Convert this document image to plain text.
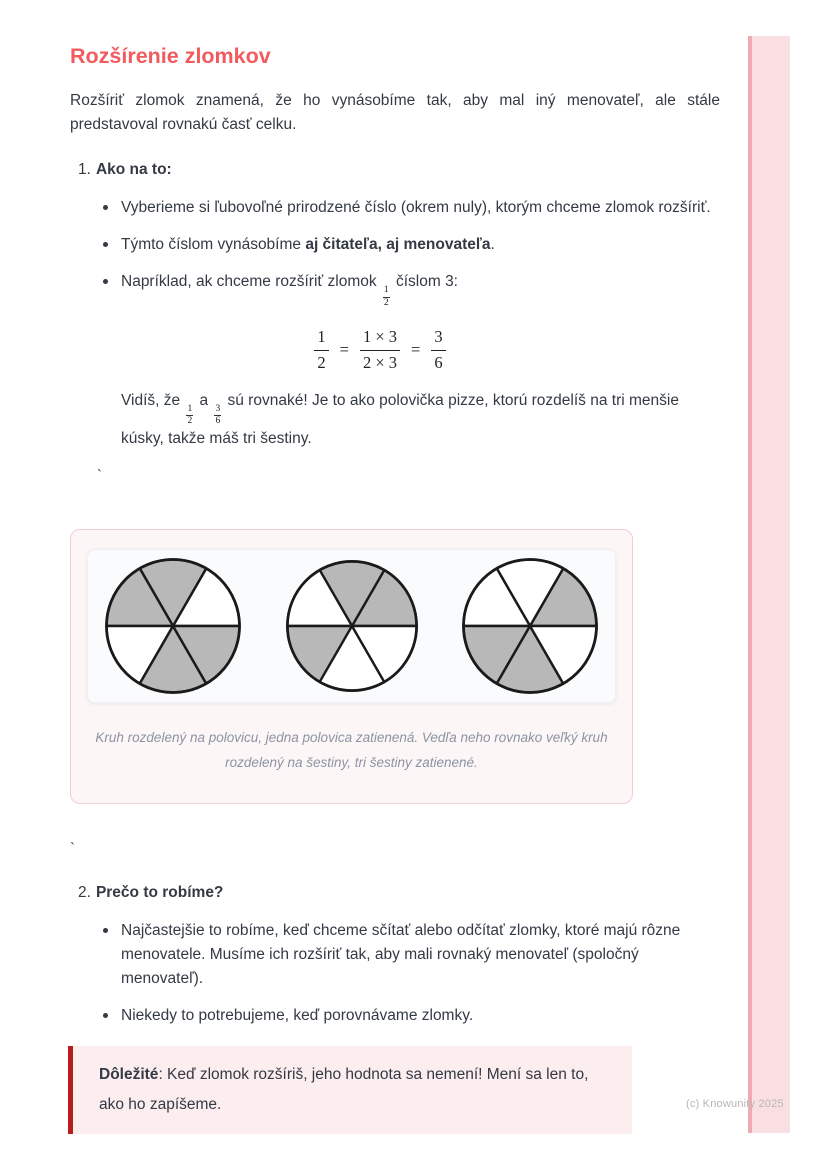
Rozšírenie zlomkov

Rozšíriť zlomok znamená, že ho vynásobíme tak, aby mal iný menovateľ, ale stále predstavoval rovnakú časť celku.

1. Ako na to:
Vyberieme si ľubovoľné prirodzené číslo (okrem nuly), ktorým chceme zlomok rozšíriť.
Týmto číslom vynásobíme aj čitateľa, aj menovateľa.
Napríklad, ak chceme rozšíriť zlomok
$\frac{1}{2}$
číslom 3:
$\frac{1}{2} = \frac{1 \times 3}{2 \times 3} = \frac{3}{6}$

Vidíš, že
$\frac{1}{2}$
a
$\frac{3}{6}$
sú rovnaké! Je to ako polovička pizze, ktorú rozdelíš na tri menšie kúsky, takže máš tri šestiny.

`

Kruh rozdelený na polovicu, jedna polovica zatienená. Vedľa neho rovnako veľký kruh rozdelený na šestiny, tri šestiny zatienené.

`
2. Prečo to robíme?
Najčastejšie to robíme, keď chceme sčítať alebo odčítať zlomky, ktoré majú rôzne menovatele. Musíme ich rozšíriť tak, aby mali rovnaký menovateľ (spoločný menovateľ).
Niekedy to potrebujeme, keď porovnávame zlomky.
Dôležité: Keď zlomok rozšíriš, jeho hodnota sa nemení! Mení sa len to, ako ho zapíšeme.	(c) Knowunity 2025
